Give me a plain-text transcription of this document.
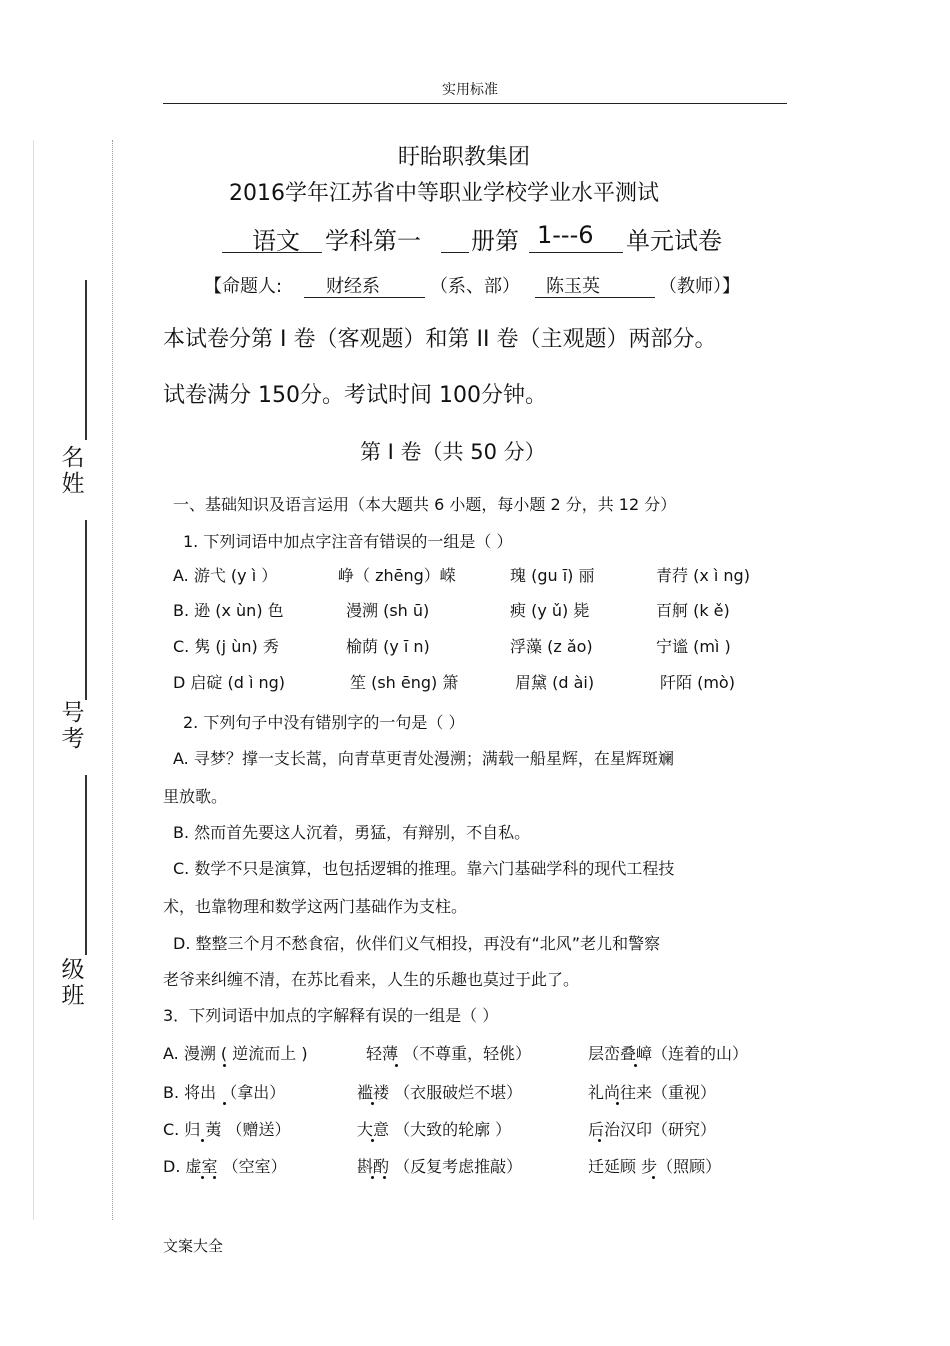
实用标准
文案大全
名
姓
号
考
级
班
盱眙职教集团
2016学年江苏省中等职业学校学业水平测试
语文 学科第一 册第 1---6 单元试卷
【命题人: 财经系	（系、部） 陈玉英	（教师）】
本试卷分第 I 卷（客观题）和第 II 卷（主观题）两部分。
试卷满分 150分。考试时间 100分钟。
第 I 卷（共 50 分）
一、基础知识及语言运用（本大题共 6 小题，每小题 2 分，共 12 分）
1. 下列词语中加点字注音有错误的一组是（ ）
A. 游弋 (y ì ）	峥（ zhēng）嵘	瑰 (gu ī) 丽	青荇 (x ì ng)
B. 逊 (x ùn) 色	漫溯 (sh ū)	瘐 (y ǔ) 毙	百舸 (k ě)
C. 隽 (j ùn) 秀	榆荫 (y ī n)	浮藻 (z ǎo)	宁谧 (mì )
D 启碇 (d ì ng)	笙 (sh ēng) 箫	眉黛 (d ài)	阡陌 (mò)
2. 下列句子中没有错别字的一句是（ ）
A. 寻梦？撑一支长蒿，向青草更青处漫溯；满载一船星辉，在星辉斑斓
里放歌。
B. 然而首先要这人沉着，勇猛，有辩别，不自私。
C. 数学不只是演算，也包括逻辑的推理。靠六门基础学科的现代工程技
术，也靠物理和数学这两门基础作为支柱。
D. 整整三个月不愁食宿，伙伴们义气相投，再没有“北风”老儿和警察
老爷来纠缠不清，在苏比看来，人生的乐趣也莫过于此了。
3．下列词语中加点的字解释有误的一组是（ ）
A. 漫溯 ( 逆流而上 )	轻薄 （不尊重，轻佻）	层峦叠嶂（连着的山）
B. 将出 （拿出）	褴褛 （衣服破烂不堪）	礼尚往来（重视）
C. 归 荑 （赠送）	大意 （大致的轮廓 ）	后治汉印（研究）
D. 虚室 （空室）	斟酌 （反复考虑推敲）	迁延顾 步（照顾）
